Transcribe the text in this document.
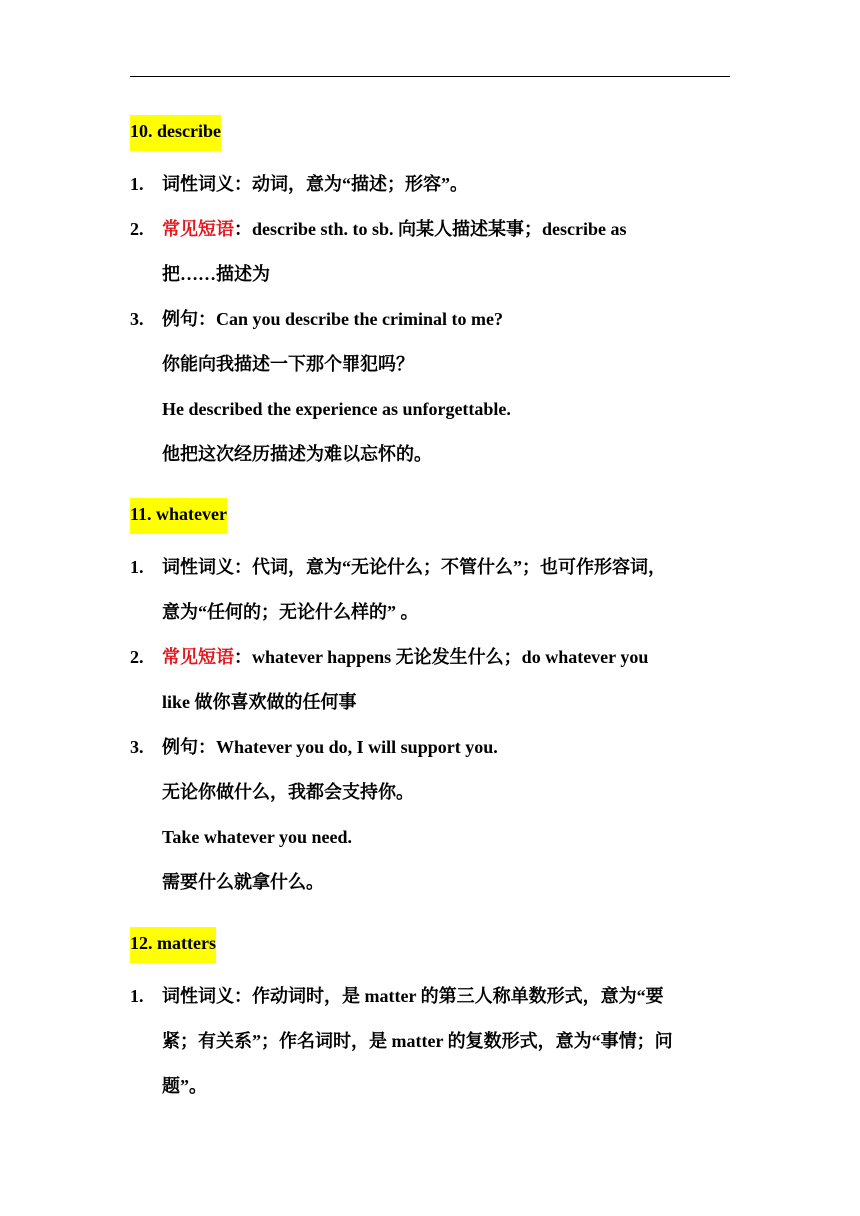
10. describe
1.	词性词义：动词，意为“描述；形容”。
2.	常见短语：describe sth. to sb. 向某人描述某事；describe as
把……描述为
3.	例句：Can you describe the criminal to me?
你能向我描述一下那个罪犯吗？
He described the experience as unforgettable.
他把这次经历描述为难以忘怀的。
11. whatever
1.	词性词义：代词，意为“无论什么；不管什么”；也可作形容词，
意为“任何的；无论什么样的” 。
2.	常见短语：whatever happens 无论发生什么；do whatever you
like 做你喜欢做的任何事
3.	例句：Whatever you do, I will support you.
无论你做什么，我都会支持你。
Take whatever you need.
需要什么就拿什么。
12. matters
1.	词性词义：作动词时，是 matter 的第三人称单数形式，意为“要
紧；有关系”；作名词时，是 matter 的复数形式，意为“事情；问
题”。
